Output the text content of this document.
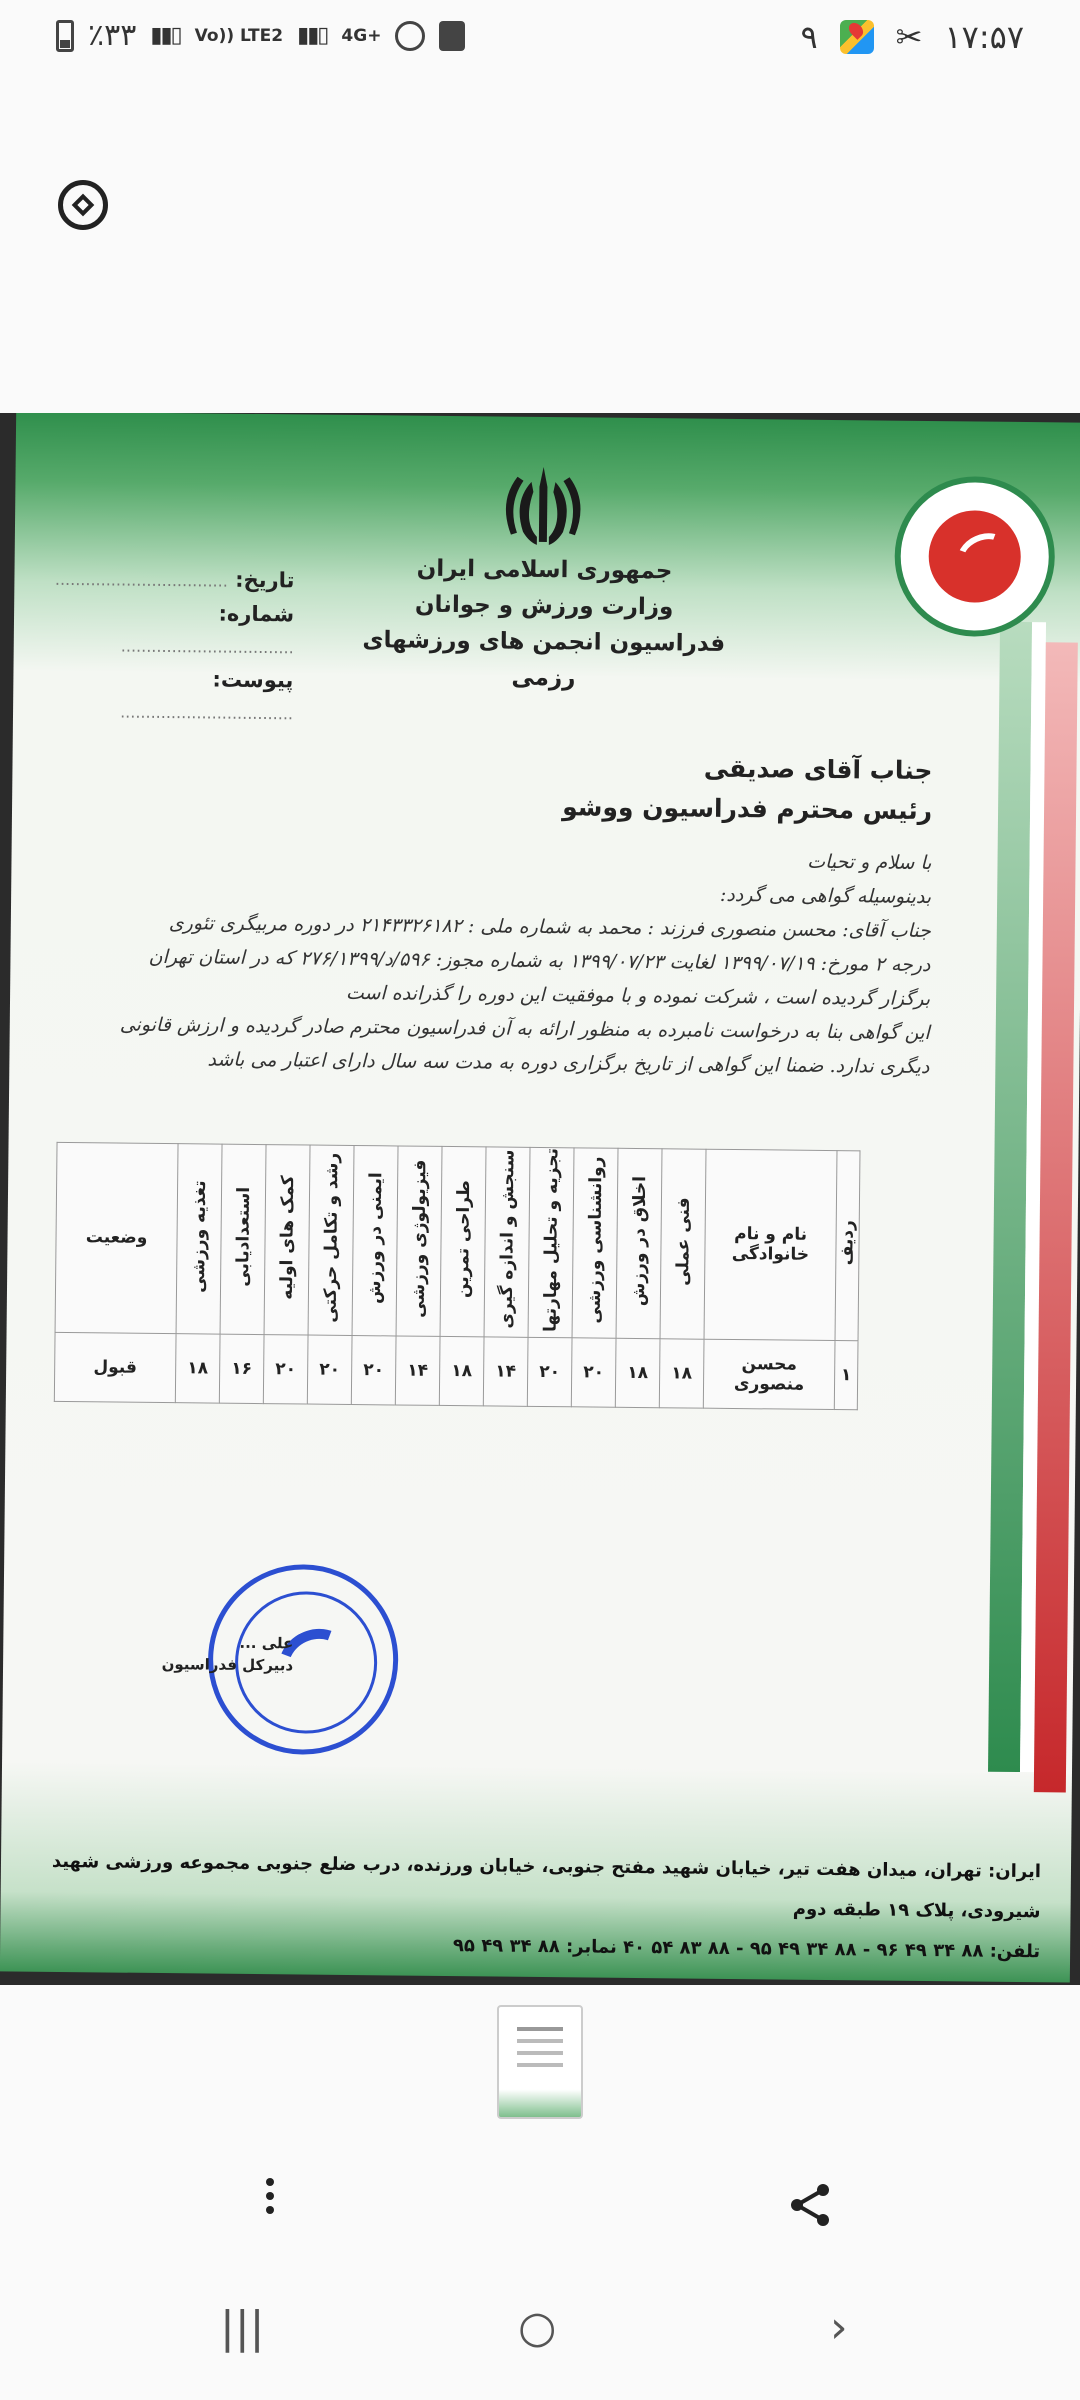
٪۳۳ ▮▮▯ Vo)) LTE2 ▮▮▯ 4G+	۹ ✂ ۱۷:۵۷
جمهوری اسلامی ایران
وزارت ورزش و جوانان
فدراسیون انجمن های ورزشهای رزمی
تاریخ: ..................................
شماره: ..................................
پیوست: ..................................
جناب آقای صدیقی
رئیس محترم فدراسیون ووشو
با سلام و تحیات
بدینوسیله گواهی می گردد:
جناب آقای: محسن منصوری فرزند : محمد به شماره ملی : ۲۱۴۳۳۲۶۱۸۲ در دوره مربیگری تئوری
درجه ۲ مورخ: ۱۳۹۹/۰۷/۱۹ لغایت ۱۳۹۹/۰۷/۲۳ به شماره مجوز: ۵۹۶/د/۲۷۶/۱۳۹۹ که در استان تهران
برگزار گردیده است ، شرکت نموده و با موفقیت این دوره را گذرانده است
این گواهی بنا به درخواست نامبرده به منظور ارائه به آن فدراسیون محترم صادر گردیده و ارزش قانونی
دیگری ندارد. ضمنا این گواهی از تاریخ برگزاری دوره به مدت سه سال دارای اعتبار می باشد
ردیف	نام و نام خانوادگی	فنی عملی	اخلاق در ورزش	روانشناسی ورزشی	تجزیه و تحلیل مهارتها	سنجش و اندازه گیری	طراحی تمرین	فیزیولوژی ورزشی	ایمنی در ورزش	رشد و تکامل حرکتی	کمک های اولیه	استعدادیابی	تغذیه ورزشی	وضعیت
۱	محسن منصوری	۱۸	۱۸	۲۰	۲۰	۱۴	۱۸	۱۴	۲۰	۲۰	۲۰	۱۶	۱۸	قبول
علی ...
دبیرکل فدراسیون
ایران: تهران، میدان هفت تیر، خیابان شهید مفتح جنوبی، خیابان ورزنده، درب ضلع جنوبی مجموعه ورزشی شهید شیرودی، پلاک ۱۹ طبقه دوم
تلفن: ۸۸ ۳۴ ۴۹ ۹۶ - ۸۸ ۳۴ ۴۹ ۹۵ - ۸۸ ۸۳ ۵۴ ۴۰ نمابر: ۸۸ ۳۴ ۴۹ ۹۵
|||	○	›
